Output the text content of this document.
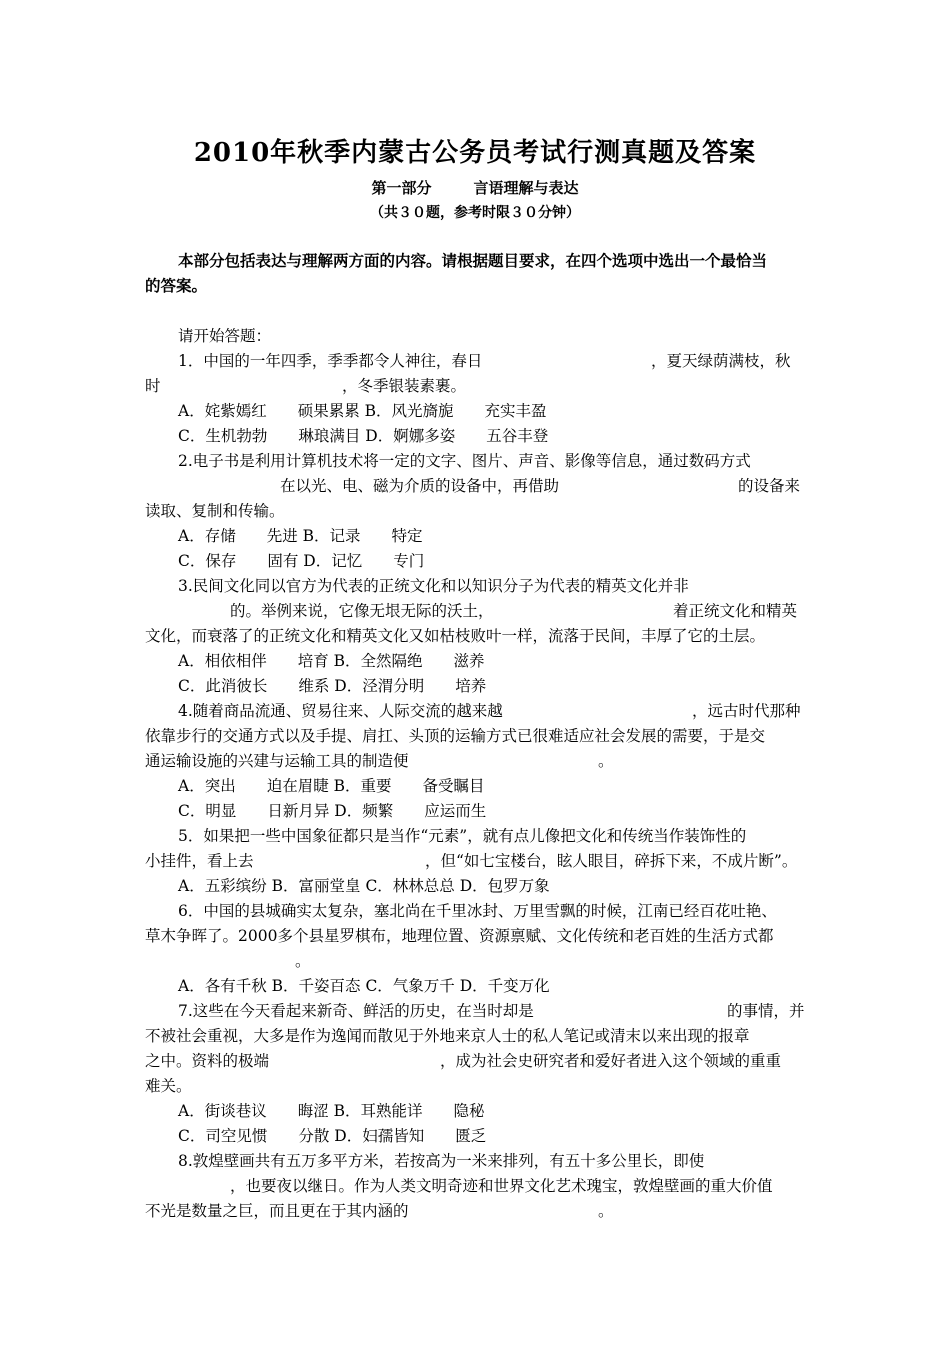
2010年秋季内蒙古公务员考试行测真题及答案
第一部分	言语理解与表达
（共３０题，参考时限３０分钟）
本部分包括表达与理解两方面的内容。请根据题目要求，在四个选项中选出一个最恰当
的答案。
请开始答题：
1．中国的一年四季，季季都令人神往，春日	，夏天绿荫满枝，秋
时	，冬季银装素裹。
A．姹紫嫣红　　硕果累累 B．风光旖旎　　充实丰盈
C．生机勃勃　　琳琅满目 D．婀娜多姿　　五谷丰登
2.电子书是利用计算机技术将一定的文字、图片、声音、影像等信息，通过数码方式
在以光、电、磁为介质的设备中，再借助	的设备来
读取、复制和传输。
A．存储　　先进 B．记录　　特定
C．保存　　固有 D．记忆　　专门
3.民间文化同以官方为代表的正统文化和以知识分子为代表的精英文化并非
的。举例来说，它像无垠无际的沃土，	着正统文化和精英
文化，而衰落了的正统文化和精英文化又如枯枝败叶一样，流落于民间，丰厚了它的土层。
A．相依相伴　　培育 B．全然隔绝　　滋养
C．此消彼长　　维系 D．泾渭分明　　培养
4.随着商品流通、贸易往来、人际交流的越来越	，远古时代那种
依靠步行的交通方式以及手提、肩扛、头顶的运输方式已很难适应社会发展的需要，于是交
通运输设施的兴建与运输工具的制造便	。
A．突出　　迫在眉睫 B．重要　　备受瞩目
C．明显　　日新月异 D．频繁　　应运而生
5．如果把一些中国象征都只是当作“元素”，就有点儿像把文化和传统当作装饰性的
小挂件，看上去	，但“如七宝楼台，眩人眼目，碎拆下来，不成片断”。
A．五彩缤纷 B．富丽堂皇 C．林林总总 D．包罗万象
6．中国的县城确实太复杂，塞北尚在千里冰封、万里雪飘的时候，江南已经百花吐艳、
草木争晖了。2000多个县星罗棋布，地理位置、资源禀赋、文化传统和老百姓的生活方式都
。
A．各有千秋 B．千姿百态 C．气象万千 D．千变万化
7.这些在今天看起来新奇、鲜活的历史，在当时却是	的事情，并
不被社会重视，大多是作为逸闻而散见于外地来京人士的私人笔记或清末以来出现的报章
之中。资料的极端	，成为社会史研究者和爱好者进入这个领域的重重
难关。
A．街谈巷议　　晦涩 B．耳熟能详　　隐秘
C．司空见惯　　分散 D．妇孺皆知　　匮乏
8.敦煌壁画共有五万多平方米，若按高为一米来排列，有五十多公里长，即使
，也要夜以继日。作为人类文明奇迹和世界文化艺术瑰宝，敦煌壁画的重大价值
不光是数量之巨，而且更在于其内涵的	。
